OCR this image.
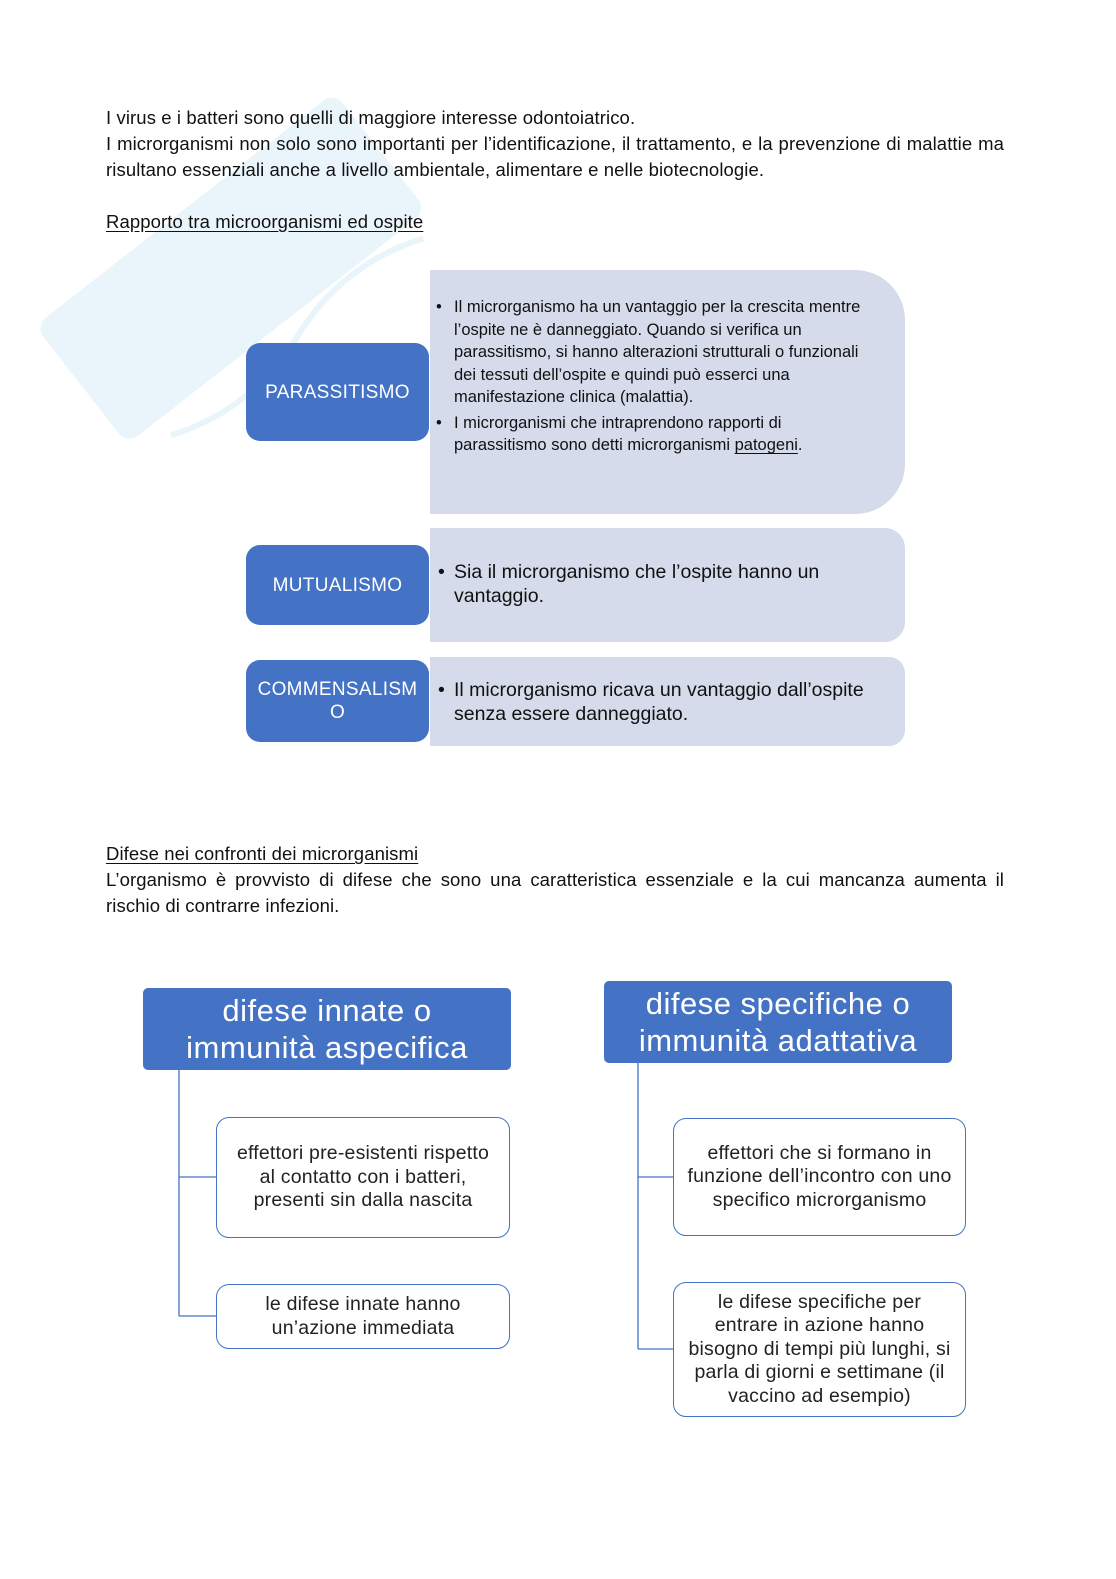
I virus e i batteri sono quelli di maggiore interesse odontoiatrico.

I microrganismi non solo sono importanti per l’identificazione, il trattamento, e la prevenzione di malattie ma risultano essenziali anche a livello ambientale, alimentare e nelle biotecnologie.

Rapporto tra microorganismi ed ospite
• Il microrganismo ha un vantaggio per la crescita mentre l’ospite ne è danneggiato. Quando si verifica un parassitismo, si hanno alterazioni strutturali o funzionali dei tessuti dell’ospite e quindi può esserci una manifestazione clinica (malattia).
• I microrganismi che intraprendono rapporti di parassitismo sono detti microrganismi patogeni.
PARASSITISMO
• Sia il microrganismo che l’ospite hanno un vantaggio.
MUTUALISMO
• Il microrganismo ricava un vantaggio dall’ospite senza essere danneggiato.
COMMENSALISM
O

Difese nei confronti dei microrganismi

L’organismo è provvisto di difese che sono una caratteristica essenziale e la cui mancanza aumenta il rischio di contrarre infezioni.

difese innate o
immunità aspecifica
effettori pre-esistenti rispetto al contatto con i batteri, presenti sin dalla nascita
le difese innate hanno un’azione immediata
difese specifiche o
immunità adattativa
effettori che si formano in funzione dell’incontro con uno specifico microrganismo
le difese specifiche per entrare in azione hanno bisogno di tempi più lunghi, si parla di giorni e settimane (il vaccino ad esempio)
